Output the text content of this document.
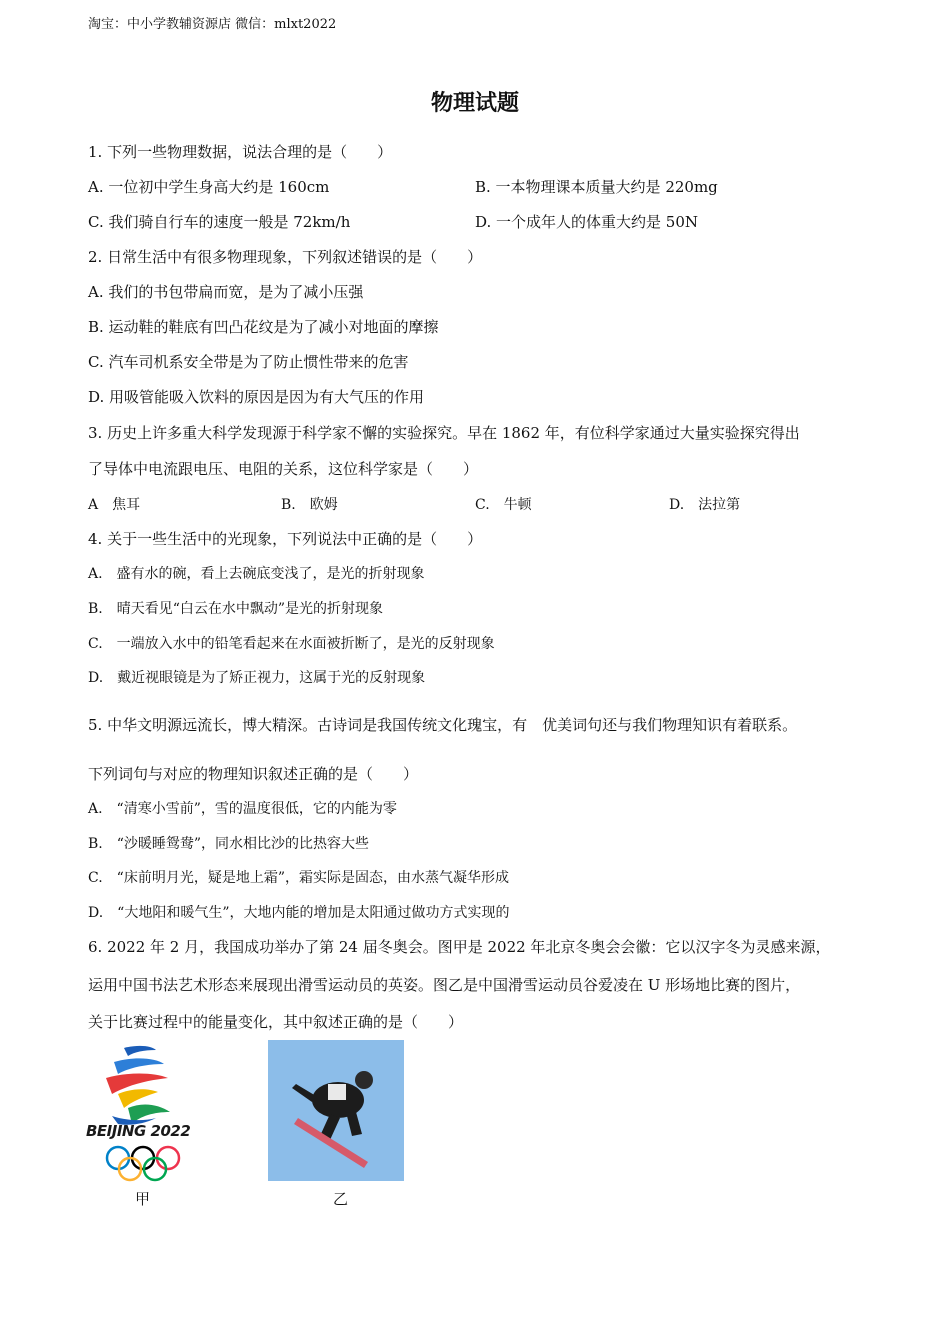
淘宝：中小学教辅资源店 微信：mlxt2022
物理试题
1. 下列一些物理数据，说法合理的是（　　）
A. 一位初中学生身高大约是 160cm	B. 一本物理课本质量大约是 220mg
C. 我们骑自行车的速度一般是 72km/h	D. 一个成年人的体重大约是 50N
2. 日常生活中有很多物理现象，下列叙述错误的是（　　）
A. 我们的书包带扁而宽，是为了减小压强
B. 运动鞋的鞋底有凹凸花纹是为了减小对地面的摩擦
C. 汽车司机系安全带是为了防止惯性带来的危害
D. 用吸管能吸入饮料的原因是因为有大气压的作用
3. 历史上许多重大科学发现源于科学家不懈的实验探究。早在 1862 年，有位科学家通过大量实验探究得出
了导体中电流跟电压、电阻的关系，这位科学家是（　　）
A　焦耳	B.　欧姆	C.　牛顿	D.　法拉第
4. 关于一些生活中的光现象，下列说法中正确的是（　　）
A.　盛有水的碗，看上去碗底变浅了，是光的折射现象
B.　晴天看见“白云在水中飘动”是光的折射现象
C.　一端放入水中的铅笔看起来在水面被折断了，是光的反射现象
D.　戴近视眼镜是为了矫正视力，这属于光的反射现象
5. 中华文明源远流长，博大精深。古诗词是我国传统文化瑰宝，有　优美词句还与我们物理知识有着联系。
下列词句与对应的物理知识叙述正确的是（　　）
A.　“清寒小雪前”，雪的温度很低，它的内能为零
B.　“沙暖睡鸳鸯”，同水相比沙的比热容大些
C.　“床前明月光，疑是地上霜”，霜实际是固态，由水蒸气凝华形成
D.　“大地阳和暖气生”，大地内能的增加是太阳通过做功方式实现的
6. 2022 年 2 月，我国成功举办了第 24 届冬奥会。图甲是 2022 年北京冬奥会会徽：它以汉字冬为灵感来源，
运用中国书法艺术形态来展现出滑雪运动员的英姿。图乙是中国滑雪运动员谷爱凌在 U 形场地比赛的图片，
关于比赛过程中的能量变化，其中叙述正确的是（　　）
BEIJING 2022
甲	乙
